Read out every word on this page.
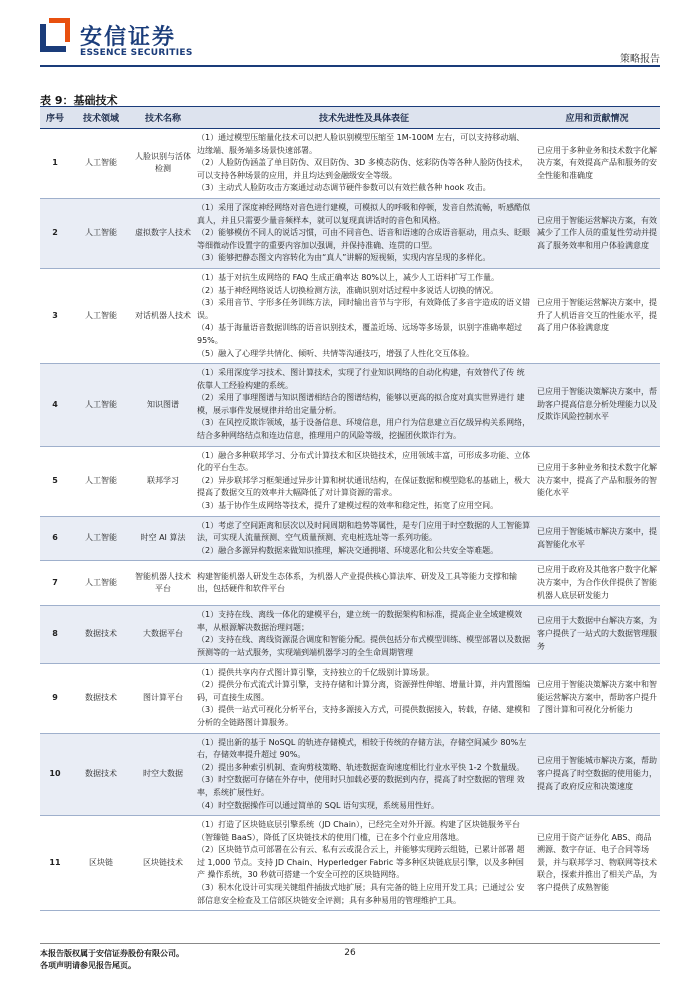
安信证券
ESSENCE SECURITIES
策略报告
表 9：基础技术
序号	技术领域	技术名称	技术先进性及具体表征	应用和贡献情况
1	人工智能	人脸识别与活体检测	（1）通过模型压缩量化技术可以把人脸识别模型压缩至 1M-100M 左右，可以支持移动端、边缘端、服务端多场景快速部署。

（2）人脸防伪涵盖了单目防伪、双目防伪、3D 多模态防伪、炫彩防伪等各种人脸防伪技术，可以支持各种场景的应用，并且均达到金融级安全等级。

（3）主动式人脸防攻击方案通过动态调节硬件参数可以有效拦截各种 hook 攻击。	已应用于多种业务和技术数字化解决方案，有效提高产品和服务的安全性能和准确度
2	人工智能	虚拟数字人技术	（1）采用了深度神经网络对音色进行建模，可模拟人的呼吸和停顿，发音自然流畅，听感酷似真人，并且只需要少量音频样本，就可以复现真讲话时的音色和风格。

（2）能够模仿不同人的说话习惯，可由不同音色、语音和语速的合成语音驱动，用点头、眨眼等细微动作设置字的重要内容加以强调，并保持准确、连贯的口型。

（3）能够把静态图文内容转化为由“真人”讲解的短视频，实现内容呈现的多样化。	已应用于智能运营解决方案，有效减少了工作人员的重复性劳动并提高了服务效率和用户体验满意度
3	人工智能	对话机器人技术	（1）基于对抗生成网络的 FAQ 生成正确率达 80%以上，减少人工语料扩写工作量。

（2）基于神经网络说话人切换检测方法，准确识别对话过程中多说话人切换的情况。

（3）采用音节、字形多任务训练方法，同时输出音节与字形，有效降低了多音字造成的语义错误。

（4）基于海量语音数据训练的语音识别技术，覆盖近场、远场等多场景，识别字准确率超过 95%。

（5）融入了心理学共情化、倾听、共情等沟通技巧，增强了人性化交互体验。	已应用于智能运营解决方案中，提升了人机语音交互的性能水平，提高了用户体验满意度
4	人工智能	知识图谱	（1）采用深度学习技术、图计算技术，实现了行业知识网络的自动化构建，有效替代了传 统依靠人工经验构建的系统。

（2）采用了事理图谱与知识图谱相结合的图谱结构，能够以更高的拟合度对真实世界进行 建模，展示事件发展规律并给出定量分析。

（3）在风控反欺诈领域，基于设备信息、环境信息，用户行为信息建立百亿级异构关系网络，结合多种网络结点和连边信息，推理用户的风险等级，挖掘团伙欺诈行为。	已应用于智能决策解决方案中，帮助客户提高信息分析处理能力以及反欺诈风险控制水平
5	人工智能	联邦学习	（1）融合多种联邦学习、分布式计算技术和区块链技术，应用领域丰富，可形成多功能、立体化的平台生态。

（2）异步联邦学习框架通过异步计算和树状通讯结构，在保证数据和模型隐私的基础上，极大提高了数据交互的效率并大幅降低了对计算资源的需求。

（3）基于协作生成网络等技术，提升了建模过程的效率和稳定性，拓宽了应用空间。	已应用于多种业务和技术数字化解决方案中，提高了产品和服务的智能化水平
6	人工智能	时空 AI 算法	（1）考虑了空间距离和层次以及时间周期和趋势等属性，是专门应用于时空数据的人工智能算法，可实现人流量预测、空气质量预测、充电桩选址等一系列功能。

（2）融合多源异构数据来做知识推理，解决交通拥堵、环境恶化和公共安全等难题。	已应用于智能城市解决方案中，提高智能化水平
7	人工智能	智能机器人技术平台	构建智能机器人研发生态体系，为机器人产业提供核心算法库、研发及工具等能力支撑和输出，包括硬件和软件平台	已应用于政府及其他客户数字化解决方案中，为合作伙伴提供了智能机器人底层研发能力
8	数据技术	大数据平台	（1）支持在线、离线一体化的建模平台，建立统一的数据架构和标准，提高企业全域建模效率，从根源解决数据治理问题；

（2）支持在线、离线资源混合调度和智能分配。提供包括分布式模型训练、模型部署以及数据预测等的一站式服务，实现端到端机器学习的全生命周期管理	已应用于大数据中台解决方案，为客户提供了一站式的大数据管理服务
9	数据技术	图计算平台	（1）提供共享内存式图计算引擎，支持独立的千亿级别计算场景。

（2）提供分布式流式计算引擎，支持存储和计算分离，资源弹性伸缩、增量计算，并内置图编码，可直接生成图。

（3）提供一站式可视化分析平台，支持多源接入方式，可提供数据接入，转载，存储、建模和分析的全链路图计算服务。	已应用于智能决策解决方案中和智能运营解决方案中，帮助客户提升了图计算和可视化分析能力
10	数据技术	时空大数据	（1）提出新的基于 NoSQL 的轨迹存储模式，相较于传统的存储方法，存储空间减少 80%左右，存储效率提升超过 90%。

（2）提出多种索引机制、查询剪枝策略、轨迹数据查询速度相比行业水平快 1-2 个数量级。

（3）时空数据可存储在外存中，使用时只加载必要的数据到内存，提高了时空数据的管理 效率，系统扩展性好。

（4）时空数据操作可以通过简单的 SQL 语句实现，系统易用性好。	已应用于智能城市解决方案，帮助客户提高了时空数据的使用能力，提高了政府反应和决策速度
11	区块链	区块链技术	（1）打造了区块链底层引擎系统（JD Chain），已经完全对外开源。构建了区块链服务平台（智臻链 BaaS），降低了区块链技术的使用门槛，已在多个行业应用落地。

（2）区块链节点可部署在公有云、私有云或混合云上，并能够实现跨云组链，已累计部署 超过 1,000 节点。支持 JD Chain、Hyperledger Fabric 等多种区块链底层引擎，以及多种国产 操作系统，30 秒就可搭建一个安全可控的区块链网络。

（3）积木化设计可实现关键组件插拔式地扩展；具有完备的链上应用开发工具；已通过公 安部信息安全检查及工信部区块链安全评测；具有多种易用的管理维护工具。	已应用于资产证券化 ABS、商品溯源、数字存证、电子合同等场景，并与联邦学习、物联网等技术联合，探索并推出了相关产品，为客户提供了成熟智能
本报告版权属于安信证券股份有限公司。
各项声明请参见报告尾页。
26
